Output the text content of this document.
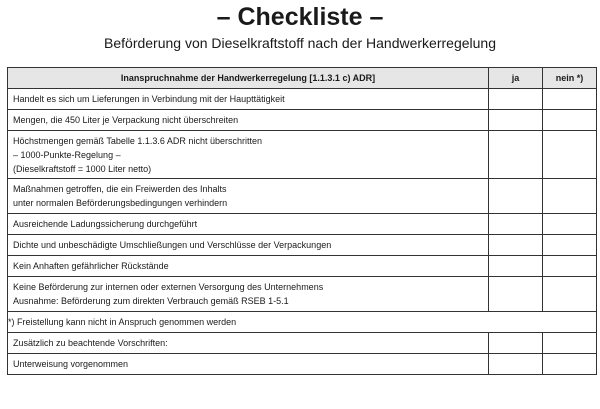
– Checkliste –
Beförderung von Dieselkraftstoff nach der Handwerkerregelung
Inanspruchnahme der Handwerkerregelung [1.1.3.1 c) ADR]	ja	nein *)

Handelt es sich um Lieferungen in Verbindung mit der Haupttätigkeit		

Mengen, die 450 Liter je Verpackung nicht überschreiten		

Höchstmengen gemäß Tabelle 1.1.3.6 ADR nicht überschritten
– 1000-Punkte-Regelung –
(Dieselkraftstoff = 1000 Liter netto)		

Maßnahmen getroffen, die ein Freiwerden des Inhalts
unter normalen Beförderungsbedingungen verhindern		

Ausreichende Ladungssicherung durchgeführt		

Dichte und unbeschädigte Umschließungen und Verschlüsse der Verpackungen		

Kein Anhaften gefährlicher Rückstände		

Keine Beförderung zur internen oder externen Versorgung des Unternehmens
Ausnahme: Beförderung zum direkten Verbrauch gemäß RSEB 1-5.1		

*) Freistellung kann nicht in Anspruch genommen werden		

Zusätzlich zu beachtende Vorschriften:		

Unterweisung vorgenommen		
